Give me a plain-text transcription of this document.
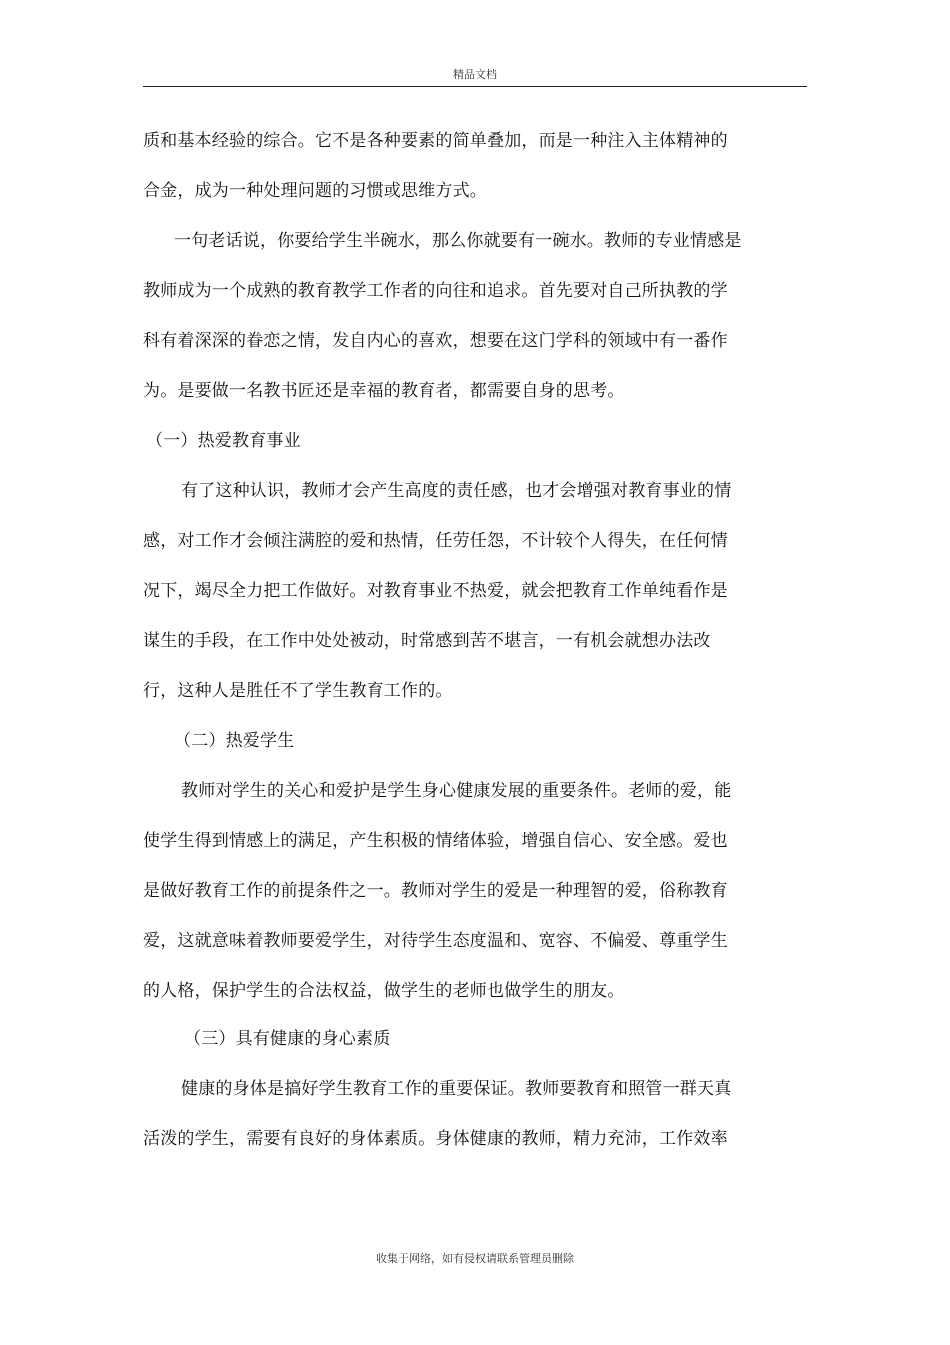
精品文档
质和基本经验的综合。它不是各种要素的简单叠加，而是一种注入主体精神的
合金，成为一种处理问题的习惯或思维方式。
一句老话说，你要给学生半碗水，那么你就要有一碗水。教师的专业情感是
教师成为一个成熟的教育教学工作者的向往和追求。首先要对自己所执教的学
科有着深深的眷恋之情，发自内心的喜欢，想要在这门学科的领域中有一番作
为。是要做一名教书匠还是幸福的教育者，都需要自身的思考。
（一）热爱教育事业
有了这种认识，教师才会产生高度的责任感，也才会增强对教育事业的情
感，对工作才会倾注满腔的爱和热情，任劳任怨，不计较个人得失，在任何情
况下，竭尽全力把工作做好。对教育事业不热爱，就会把教育工作单纯看作是
谋生的手段，在工作中处处被动，时常感到苦不堪言，一有机会就想办法改
行，这种人是胜任不了学生教育工作的。
（二）热爱学生
教师对学生的关心和爱护是学生身心健康发展的重要条件。老师的爱，能
使学生得到情感上的满足，产生积极的情绪体验，增强自信心、安全感。爱也
是做好教育工作的前提条件之一。教师对学生的爱是一种理智的爱，俗称教育
爱，这就意味着教师要爱学生，对待学生态度温和、宽容、不偏爱、尊重学生
的人格，保护学生的合法权益，做学生的老师也做学生的朋友。
（三）具有健康的身心素质
健康的身体是搞好学生教育工作的重要保证。教师要教育和照管一群天真
活泼的学生，需要有良好的身体素质。身体健康的教师，精力充沛，工作效率
收集于网络，如有侵权请联系管理员删除
